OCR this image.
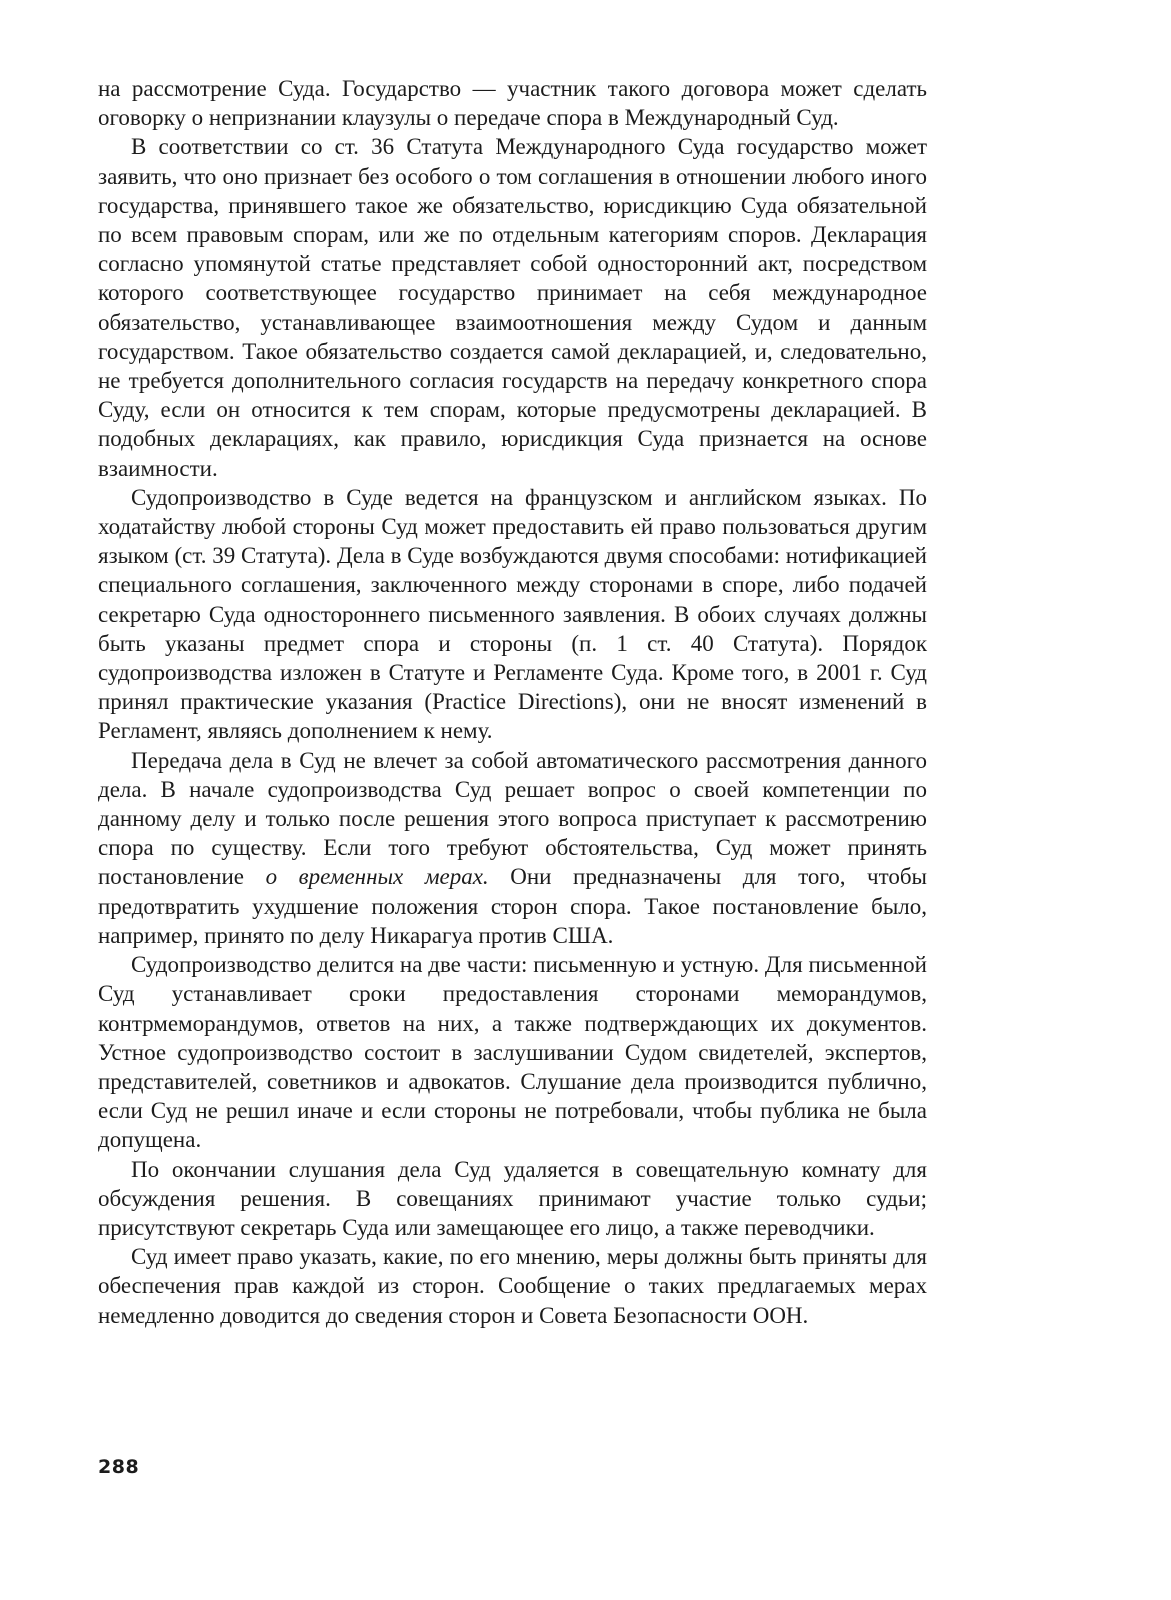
на рассмотрение Суда. Государство — участник такого договора может сделать оговорку о непризнании клаузулы о передаче спора в Международный Суд.

В соответствии со ст. 36 Статута Международного Суда государство может заявить, что оно признает без особого о том соглашения в отношении любого иного государства, принявшего такое же обязательство, юрисдикцию Суда обязательной по всем правовым спорам, или же по отдельным категориям споров. Декларация согласно упомянутой статье представляет собой односторонний акт, посредством которого соответствующее государство принимает на себя международное обязательство, устанавливающее взаимоотношения между Судом и данным государством. Такое обязательство создается самой декларацией, и, следовательно, не требуется дополнительного согласия государств на передачу конкретного спора Суду, если он относится к тем спорам, которые предусмотрены декларацией. В подобных декларациях, как правило, юрисдикция Суда признается на основе взаимности.

Судопроизводство в Суде ведется на французском и английском языках. По ходатайству любой стороны Суд может предоставить ей право пользоваться другим языком (ст. 39 Статута). Дела в Суде возбуждаются двумя способами: нотификацией специального соглашения, заключенного между сторонами в споре, либо подачей секретарю Суда одностороннего письменного заявления. В обоих случаях должны быть указаны предмет спора и стороны (п. 1 ст. 40 Статута). Порядок судопроизводства изложен в Статуте и Регламенте Суда. Кроме того, в 2001 г. Суд принял практические указания (Practice Directions), они не вносят изменений в Регламент, являясь дополнением к нему.

Передача дела в Суд не влечет за собой автоматического рассмотрения данного дела. В начале судопроизводства Суд решает вопрос о своей компетенции по данному делу и только после решения этого вопроса приступает к рассмотрению спора по существу. Если того требуют обстоятельства, Суд может принять постановление о временных мерах. Они предназначены для того, чтобы предотвратить ухудшение положения сторон спора. Такое постановление было, например, принято по делу Никарагуа против США.

Судопроизводство делится на две части: письменную и устную. Для письменной Суд устанавливает сроки предоставления сторонами меморандумов, контрмеморандумов, ответов на них, а также подтверждающих их документов. Устное судопроизводство состоит в заслушивании Судом свидетелей, экспертов, представителей, советников и адвокатов. Слушание дела производится публично, если Суд не решил иначе и если стороны не потребовали, чтобы публика не была допущена.

По окончании слушания дела Суд удаляется в совещательную комнату для обсуждения решения. В совещаниях принимают участие только судьи; присутствуют секретарь Суда или замещающее его лицо, а также переводчики.

Суд имеет право указать, какие, по его мнению, меры должны быть приняты для обеспечения прав каждой из сторон. Сообщение о таких предлагаемых мерах немедленно доводится до сведения сторон и Совета Безопасности ООН.

288
